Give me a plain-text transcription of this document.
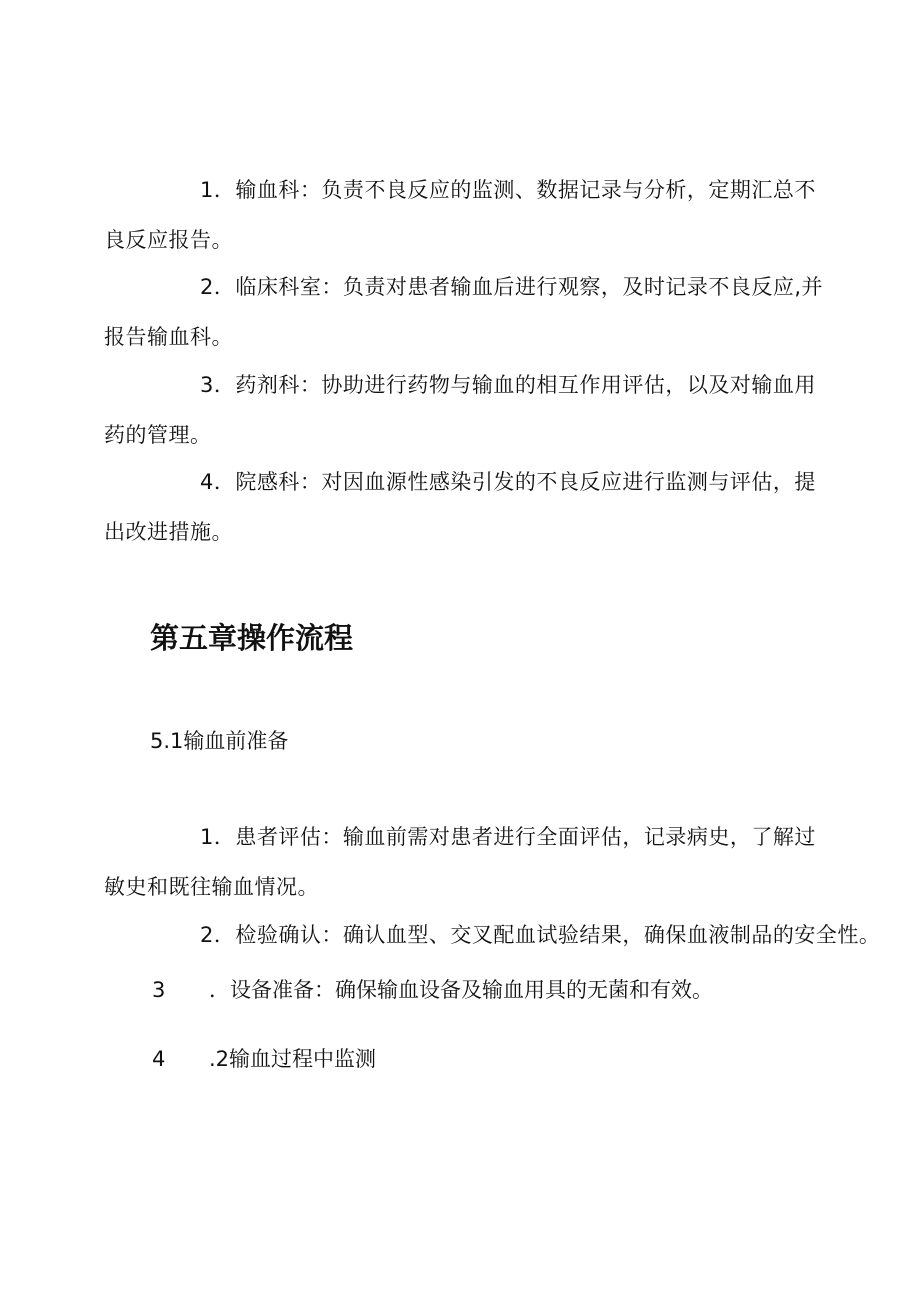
1．输血科：负责不良反应的监测、数据记录与分析，定期汇总不良反应报告。

2．临床科室：负责对患者输血后进行观察，及时记录不良反应,并报告输血科。

3．药剂科：协助进行药物与输血的相互作用评估，以及对输血用药的管理。

4．院感科：对因血源性感染引发的不良反应进行监测与评估，提出改进措施。

第五章操作流程

5.1输血前准备

1．患者评估：输血前需对患者进行全面评估，记录病史，了解过敏史和既往输血情况。

2．检验确认：确认血型、交叉配血试验结果，确保血液制品的安全性。

3 ．设备准备：确保输血设备及输血用具的无菌和有效。

4 .2输血过程中监测
